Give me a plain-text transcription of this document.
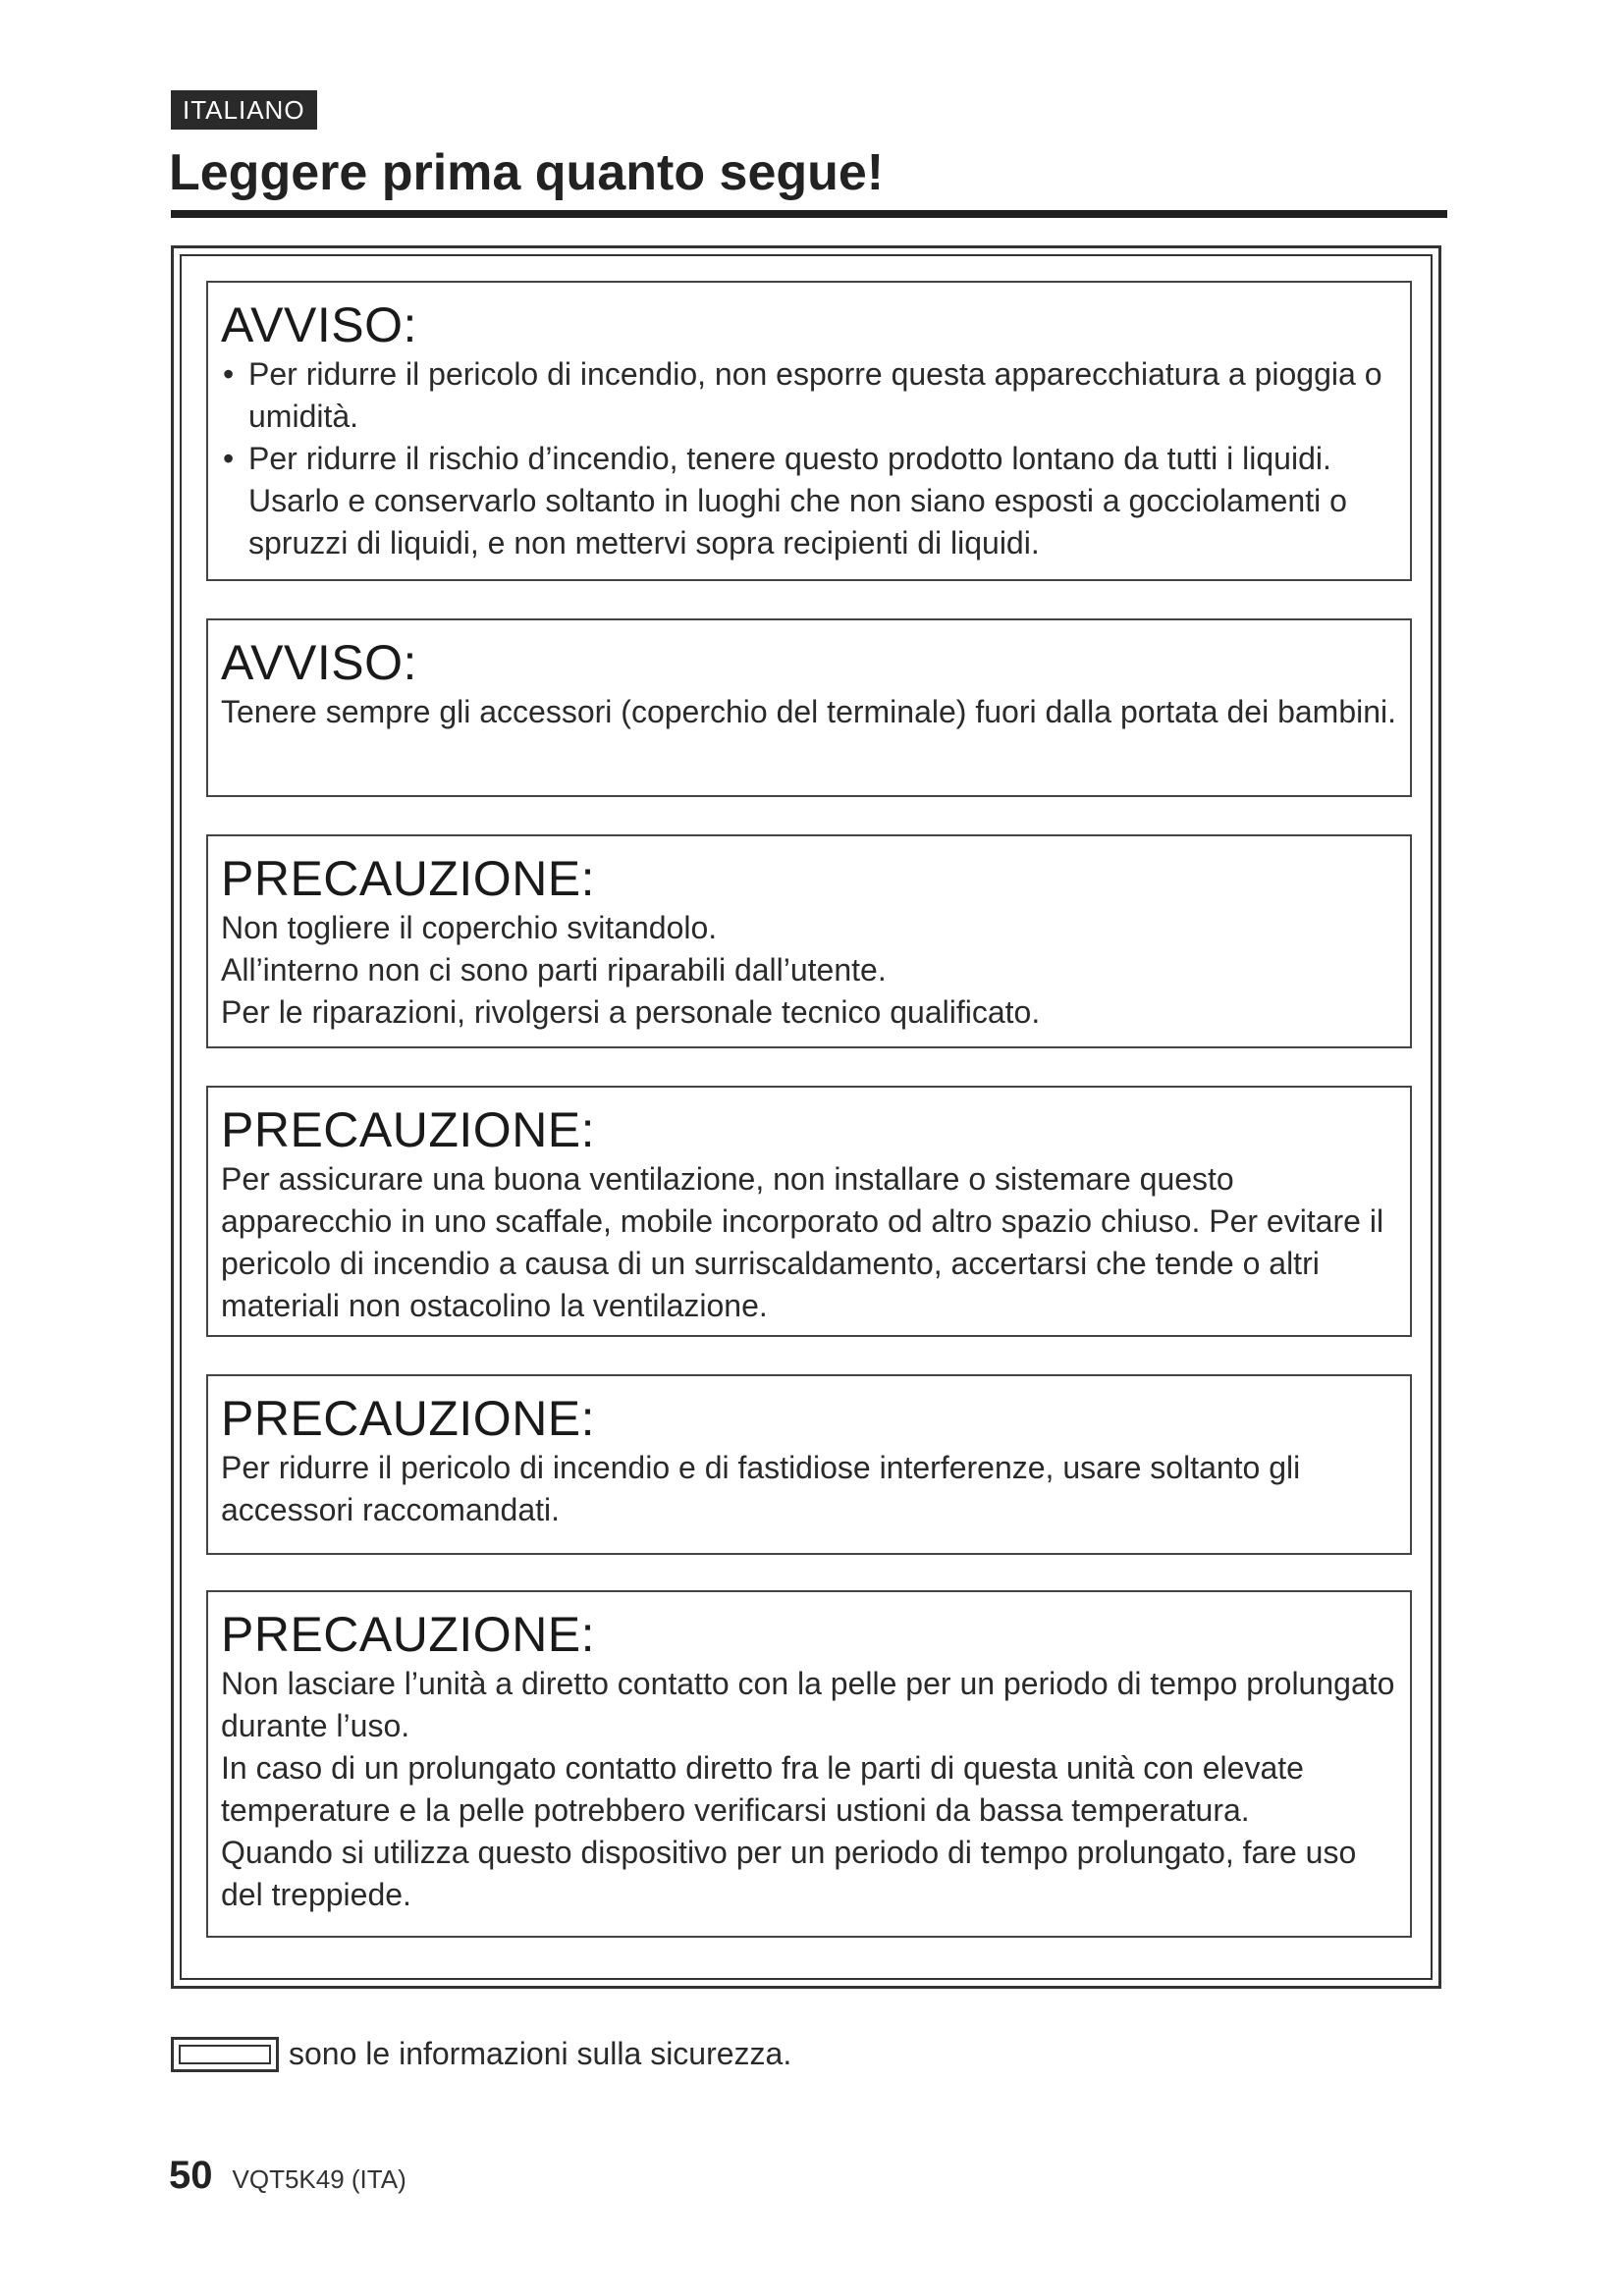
ITALIANO
Leggere prima quanto segue!
AVVISO:
• Per ridurre il pericolo di incendio, non esporre questa apparecchiatura a pioggia o umidità.
• Per ridurre il rischio d’incendio, tenere questo prodotto lontano da tutti i liquidi. Usarlo e conservarlo soltanto in luoghi che non siano esposti a gocciolamenti o spruzzi di liquidi, e non mettervi sopra recipienti di liquidi.
AVVISO:

Tenere sempre gli accessori (coperchio del terminale) fuori dalla portata dei bambini.

PRECAUZIONE:

Non togliere il coperchio svitandolo.

All’interno non ci sono parti riparabili dall’utente.

Per le riparazioni, rivolgersi a personale tecnico qualificato.

PRECAUZIONE:

Per assicurare una buona ventilazione, non installare o sistemare questo apparecchio in uno scaffale, mobile incorporato od altro spazio chiuso. Per evitare il pericolo di incendio a causa di un surriscaldamento, accertarsi che tende o altri materiali non ostacolino la ventilazione.

PRECAUZIONE:

Per ridurre il pericolo di incendio e di fastidiose interferenze, usare soltanto gli accessori raccomandati.

PRECAUZIONE:

Non lasciare l’unità a diretto contatto con la pelle per un periodo di tempo prolungato durante l’uso.

In caso di un prolungato contatto diretto fra le parti di questa unità con elevate temperature e la pelle potrebbero verificarsi ustioni da bassa temperatura.

Quando si utilizza questo dispositivo per un periodo di tempo prolungato, fare uso del treppiede.

sono le informazioni sulla sicurezza.
50 VQT5K49 (ITA)
